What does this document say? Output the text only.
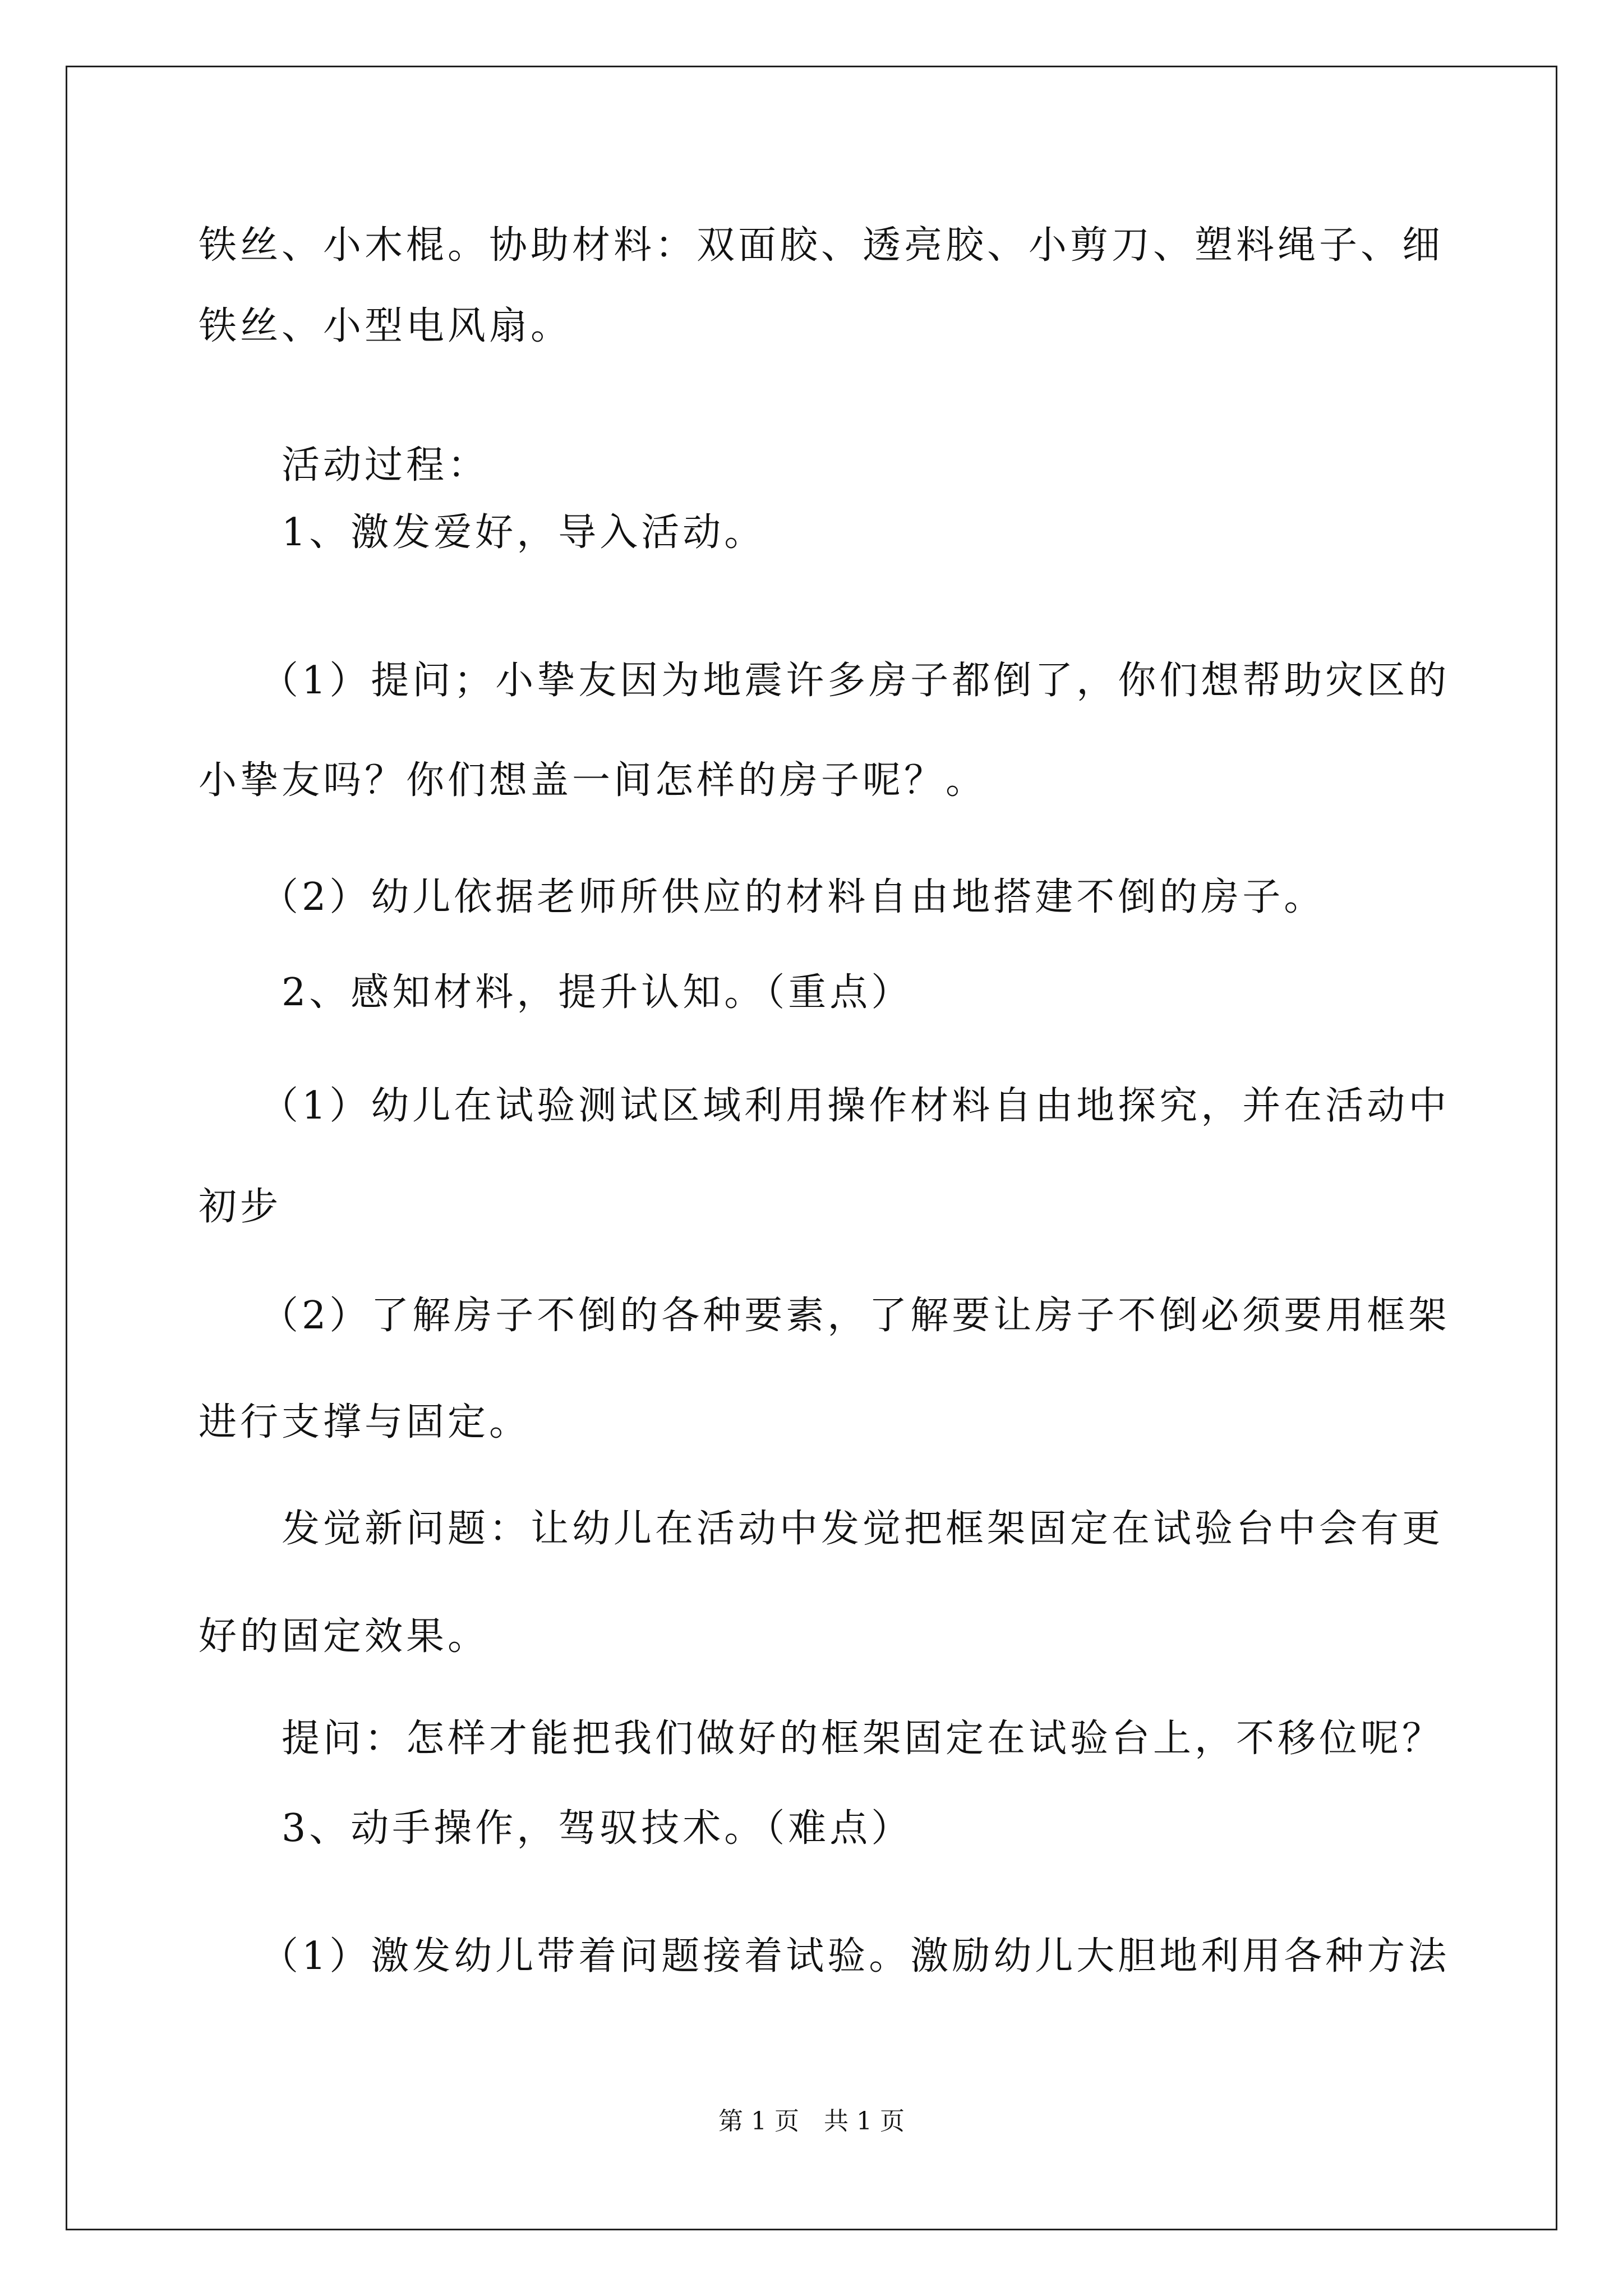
铁丝、小木棍。协助材料：双面胶、透亮胶、小剪刀、塑料绳子、细
铁丝、小型电风扇。
活动过程：
1、激发爱好，导入活动。
（1）提问；小挚友因为地震许多房子都倒了，你们想帮助灾区的
小挚友吗？你们想盖一间怎样的房子呢？。
（2）幼儿依据老师所供应的材料自由地搭建不倒的房子。
2、感知材料，提升认知。（重点）
（1）幼儿在试验测试区域利用操作材料自由地探究，并在活动中
初步
（2）了解房子不倒的各种要素，了解要让房子不倒必须要用框架
进行支撑与固定。
发觉新问题：让幼儿在活动中发觉把框架固定在试验台中会有更
好的固定效果。
提问：怎样才能把我们做好的框架固定在试验台上，不移位呢？
3、动手操作，驾驭技术。（难点）
（1）激发幼儿带着问题接着试验。激励幼儿大胆地利用各种方法
第 1 页　共 1 页
